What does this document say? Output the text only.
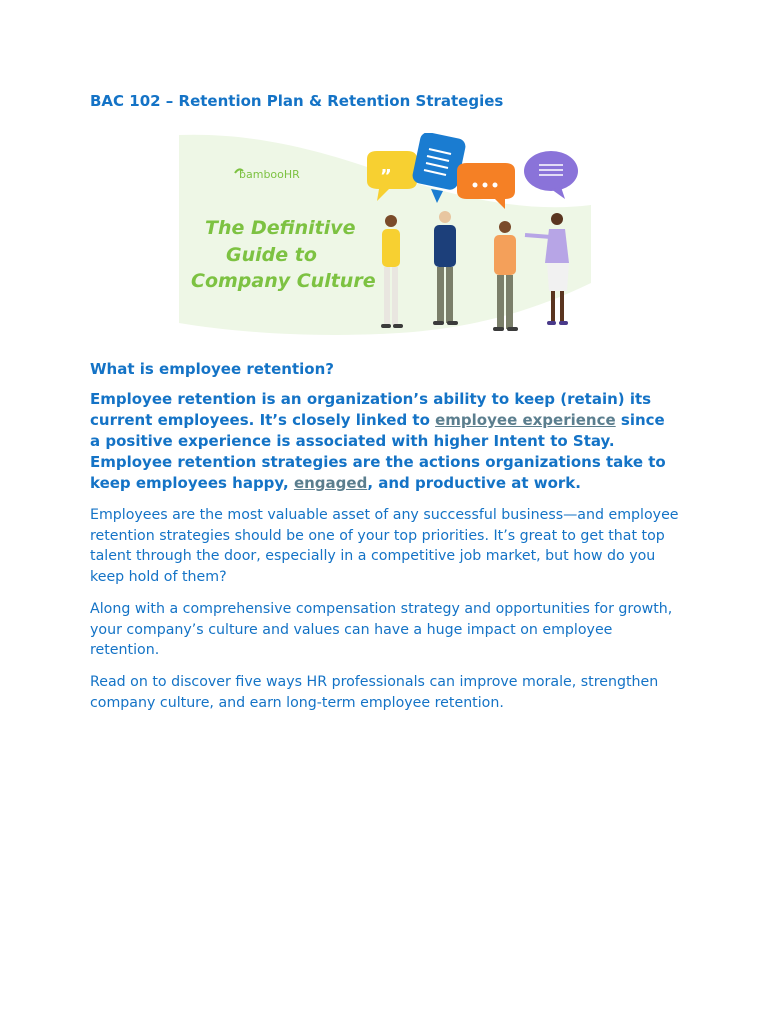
BAC 102 – Retention Plan & Retention Strategies
bambooHR
The Definitive
Guide to
Company Culture
”
What is employee retention?

Employee retention is an organization’s ability to keep (retain) its current employees. It’s closely linked to employee experience since a positive experience is associated with higher Intent to Stay. Employee retention strategies are the actions organizations take to keep employees happy, engaged, and productive at work.

Employees are the most valuable asset of any successful business—and employee retention strategies should be one of your top priorities. It’s great to get that top talent through the door, especially in a competitive job market, but how do you keep hold of them?

Along with a comprehensive compensation strategy and opportunities for growth, your company’s culture and values can have a huge impact on employee retention.

Read on to discover five ways HR professionals can improve morale, strengthen company culture, and earn long-term employee retention.
